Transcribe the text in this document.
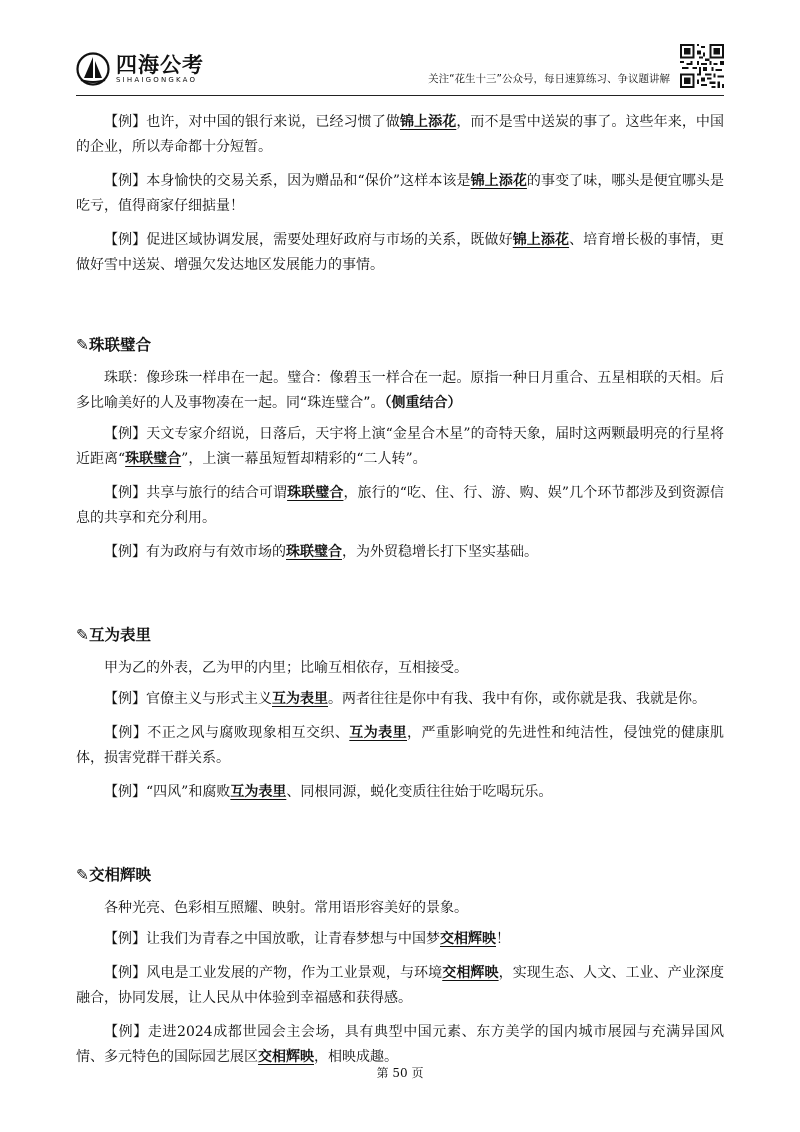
四海公考
SIHAIGONGKAO	关注“花生十三”公众号，每日速算练习、争议题讲解

【例】也许，对中国的银行来说，已经习惯了做锦上添花，而不是雪中送炭的事了。这些年来，中国的企业，所以寿命都十分短暂。

【例】本身愉快的交易关系，因为赠品和“保价”这样本该是锦上添花的事变了味，哪头是便宜哪头是吃亏，值得商家仔细掂量！

【例】促进区域协调发展，需要处理好政府与市场的关系，既做好锦上添花、培育增长极的事情，更做好雪中送炭、增强欠发达地区发展能力的事情。

✎珠联璧合

珠联：像珍珠一样串在一起。璧合：像碧玉一样合在一起。原指一种日月重合、五星相联的天相。后多比喻美好的人及事物凑在一起。同“珠连璧合”。（侧重结合）

【例】天文专家介绍说，日落后，天宇将上演“金星合木星”的奇特天象，届时这两颗最明亮的行星将近距离“珠联璧合”，上演一幕虽短暂却精彩的“二人转”。

【例】共享与旅行的结合可谓珠联璧合，旅行的“吃、住、行、游、购、娱”几个环节都涉及到资源信息的共享和充分利用。

【例】有为政府与有效市场的珠联璧合，为外贸稳增长打下坚实基础。

✎互为表里

甲为乙的外表，乙为甲的内里；比喻互相依存，互相接受。

【例】官僚主义与形式主义互为表里。两者往往是你中有我、我中有你，或你就是我、我就是你。

【例】不正之风与腐败现象相互交织、互为表里，严重影响党的先进性和纯洁性，侵蚀党的健康肌体，损害党群干群关系。

【例】“四风”和腐败互为表里、同根同源，蜕化变质往往始于吃喝玩乐。

✎交相辉映

各种光亮、色彩相互照耀、映射。常用语形容美好的景象。

【例】让我们为青春之中国放歌，让青春梦想与中国梦交相辉映！

【例】风电是工业发展的产物，作为工业景观，与环境交相辉映，实现生态、人文、工业、产业深度融合，协同发展，让人民从中体验到幸福感和获得感。

【例】走进2024成都世园会主会场，具有典型中国元素、东方美学的国内城市展园与充满异国风情、多元特色的国际园艺展区交相辉映，相映成趣。

第 50 页
